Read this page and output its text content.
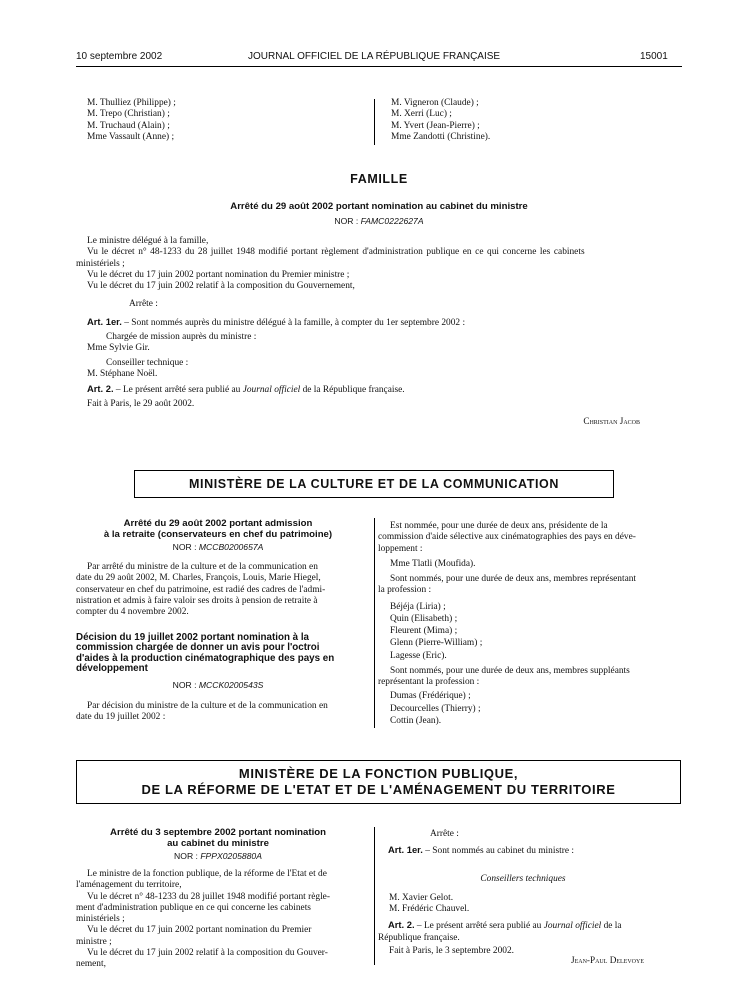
10 septembre 2002	JOURNAL OFFICIEL DE LA RÉPUBLIQUE FRANÇAISE	15001

M. Thulliez (Philippe) ;

M. Trepo (Christian) ;

M. Truchaud (Alain) ;

Mme Vassault (Anne) ;

M. Vigneron (Claude) ;

M. Xerri (Luc) ;

M. Yvert (Jean-Pierre) ;

Mme Zandotti (Christine).

FAMILLE
Arrêté du 29 août 2002 portant nomination au cabinet du ministre
NOR : FAMC0222627A

Le ministre délégué à la famille,

Vu le décret n° 48-1233 du 28 juillet 1948 modifié portant règlement d'administration publique en ce qui concerne les cabinets

ministériels ;

Vu le décret du 17 juin 2002 portant nomination du Premier ministre ;

Vu le décret du 17 juin 2002 relatif à la composition du Gouvernement,

Arrête :

Art. 1er. – Sont nommés auprès du ministre délégué à la famille, à compter du 1er septembre 2002 :

Chargée de mission auprès du ministre :

Mme Sylvie Gir.

Conseiller technique :

M. Stéphane Noël.

Art. 2. – Le présent arrêté sera publié au Journal officiel de la République française.

Fait à Paris, le 29 août 2002.

Christian Jacob
MINISTÈRE DE LA CULTURE ET DE LA COMMUNICATION
Arrêté du 29 août 2002 portant admission
à la retraite (conservateurs en chef du patrimoine)
NOR : MCCB0200657A

Par arrêté du ministre de la culture et de la communication en

date du 29 août 2002, M. Charles, François, Louis, Marie Hiegel,

conservateur en chef du patrimoine, est radié des cadres de l'admi-

nistration et admis à faire valoir ses droits à pension de retraite à

compter du 4 novembre 2002.

Décision du 19 juillet 2002 portant nomination à la
commission chargée de donner un avis pour l'octroi
d'aides à la production cinématographique des pays en
développement
NOR : MCCK0200543S

Par décision du ministre de la culture et de la communication en

date du 19 juillet 2002 :

Est nommée, pour une durée de deux ans, présidente de la

commission d'aide sélective aux cinématographies des pays en déve-

loppement :

Mme Tlatli (Moufida).

Sont nommés, pour une durée de deux ans, membres représentant

la profession :

Béjéja (Liria) ;

Quin (Elisabeth) ;

Fleurent (Mima) ;

Glenn (Pierre-William) ;

Lagesse (Eric).

Sont nommés, pour une durée de deux ans, membres suppléants

représentant la profession :

Dumas (Frédérique) ;

Decourcelles (Thierry) ;

Cottin (Jean).

MINISTÈRE DE LA FONCTION PUBLIQUE,
DE LA RÉFORME DE L'ETAT ET DE L'AMÉNAGEMENT DU TERRITOIRE
Arrêté du 3 septembre 2002 portant nomination
au cabinet du ministre
NOR : FPPX0205880A

Le ministre de la fonction publique, de la réforme de l'Etat et de

l'aménagement du territoire,

Vu le décret n° 48-1233 du 28 juillet 1948 modifié portant règle-

ment d'administration publique en ce qui concerne les cabinets

ministériels ;

Vu le décret du 17 juin 2002 portant nomination du Premier

ministre ;

Vu le décret du 17 juin 2002 relatif à la composition du Gouver-

nement,

Arrête :

Art. 1er. – Sont nommés au cabinet du ministre :

Conseillers techniques

M. Xavier Gelot.

M. Frédéric Chauvel.

Art. 2. – Le présent arrêté sera publié au Journal officiel de la

République française.

Fait à Paris, le 3 septembre 2002.

Jean-Paul Delevoye
